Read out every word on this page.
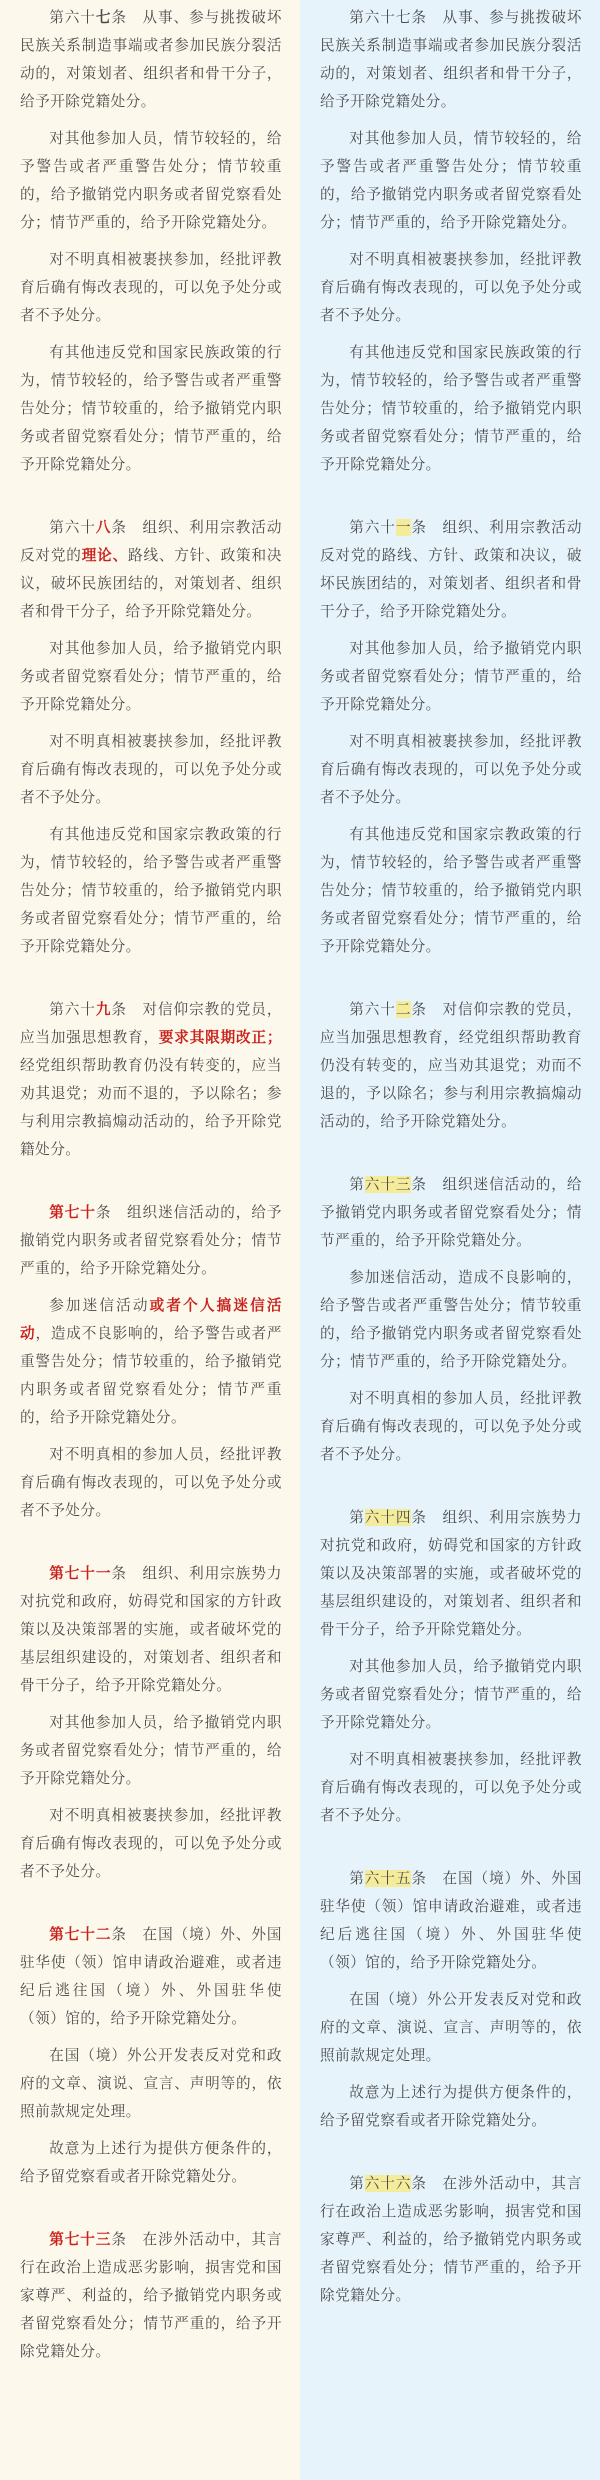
第六十七条　 从事、参与挑拨破坏民族关系制造事端或者参加民族分裂活动的，对策划者、组织者和骨干分子，给予开除党籍处分。

对其他参加人员，情节较轻的，给予警告或者严重警告处分；情节较重的，给予撤销党内职务或者留党察看处分；情节严重的，给予开除党籍处分。

对不明真相被裹挟参加，经批评教育后确有悔改表现的，可以免予处分或者不予处分。

有其他违反党和国家民族政策的行为，情节较轻的，给予警告或者严重警告处分；情节较重的，给予撤销党内职务或者留党察看处分；情节严重的，给予开除党籍处分。

第六十八条　 组织、利用宗教活动反对党的理论、路线、方针、政策和决议，破坏民族团结的，对策划者、组织者和骨干分子，给予开除党籍处分。

对其他参加人员，给予撤销党内职务或者留党察看处分；情节严重的，给予开除党籍处分。

对不明真相被裹挟参加，经批评教育后确有悔改表现的，可以免予处分或者不予处分。

有其他违反党和国家宗教政策的行为，情节较轻的，给予警告或者严重警告处分；情节较重的，给予撤销党内职务或者留党察看处分；情节严重的，给予开除党籍处分。

第六十九条　 对信仰宗教的党员，应当加强思想教育，要求其限期改正；经党组织帮助教育仍没有转变的，应当劝其退党；劝而不退的，予以除名；参与利用宗教搞煽动活动的，给予开除党籍处分。

第七十条　 组织迷信活动的，给予撤销党内职务或者留党察看处分；情节严重的，给予开除党籍处分。

参加迷信活动或者个人搞迷信活动，造成不良影响的，给予警告或者严重警告处分；情节较重的，给予撤销党内职务或者留党察看处分；情节严重的，给予开除党籍处分。

对不明真相的参加人员，经批评教育后确有悔改表现的，可以免予处分或者不予处分。

第七十一条　 组织、利用宗族势力对抗党和政府，妨碍党和国家的方针政策以及决策部署的实施，或者破坏党的基层组织建设的，对策划者、组织者和骨干分子，给予开除党籍处分。

对其他参加人员，给予撤销党内职务或者留党察看处分；情节严重的，给予开除党籍处分。

对不明真相被裹挟参加，经批评教育后确有悔改表现的，可以免予处分或者不予处分。

第七十二条　 在国（境）外、外国驻华使（领）馆申请政治避难，或者违纪后逃往国（境）外、外国驻华使（领）馆的，给予开除党籍处分。

在国（境）外公开发表反对党和政府的文章、演说、宣言、声明等的，依照前款规定处理。

故意为上述行为提供方便条件的，给予留党察看或者开除党籍处分。

第七十三条　 在涉外活动中，其言行在政治上造成恶劣影响，损害党和国家尊严、利益的，给予撤销党内职务或者留党察看处分；情节严重的，给予开除党籍处分。

第六十七条　 从事、参与挑拨破坏民族关系制造事端或者参加民族分裂活动的，对策划者、组织者和骨干分子，给予开除党籍处分。

对其他参加人员，情节较轻的，给予警告或者严重警告处分；情节较重的，给予撤销党内职务或者留党察看处分；情节严重的，给予开除党籍处分。

对不明真相被裹挟参加，经批评教育后确有悔改表现的，可以免予处分或者不予处分。

有其他违反党和国家民族政策的行为，情节较轻的，给予警告或者严重警告处分；情节较重的，给予撤销党内职务或者留党察看处分；情节严重的，给予开除党籍处分。

第六十一条　 组织、利用宗教活动反对党的路线、方针、政策和决议，破坏民族团结的，对策划者、组织者和骨干分子，给予开除党籍处分。

对其他参加人员，给予撤销党内职务或者留党察看处分；情节严重的，给予开除党籍处分。

对不明真相被裹挟参加，经批评教育后确有悔改表现的，可以免予处分或者不予处分。

有其他违反党和国家宗教政策的行为，情节较轻的，给予警告或者严重警告处分；情节较重的，给予撤销党内职务或者留党察看处分；情节严重的，给予开除党籍处分。

第六十二条　 对信仰宗教的党员，应当加强思想教育，经党组织帮助教育仍没有转变的，应当劝其退党；劝而不退的，予以除名；参与利用宗教搞煽动活动的，给予开除党籍处分。

第六十三条　 组织迷信活动的，给予撤销党内职务或者留党察看处分；情节严重的，给予开除党籍处分。

参加迷信活动，造成不良影响的，给予警告或者严重警告处分；情节较重的，给予撤销党内职务或者留党察看处分；情节严重的，给予开除党籍处分。

对不明真相的参加人员，经批评教育后确有悔改表现的，可以免予处分或者不予处分。

第六十四条　 组织、利用宗族势力对抗党和政府，妨碍党和国家的方针政策以及决策部署的实施，或者破坏党的基层组织建设的，对策划者、组织者和骨干分子，给予开除党籍处分。

对其他参加人员，给予撤销党内职务或者留党察看处分；情节严重的，给予开除党籍处分。

对不明真相被裹挟参加，经批评教育后确有悔改表现的，可以免予处分或者不予处分。

第六十五条　 在国（境）外、外国驻华使（领）馆申请政治避难，或者违纪后逃往国（境）外、外国驻华使（领）馆的，给予开除党籍处分。

在国（境）外公开发表反对党和政府的文章、演说、宣言、声明等的，依照前款规定处理。

故意为上述行为提供方便条件的，给予留党察看或者开除党籍处分。

第六十六条　 在涉外活动中，其言行在政治上造成恶劣影响，损害党和国家尊严、利益的，给予撤销党内职务或者留党察看处分；情节严重的，给予开除党籍处分。
